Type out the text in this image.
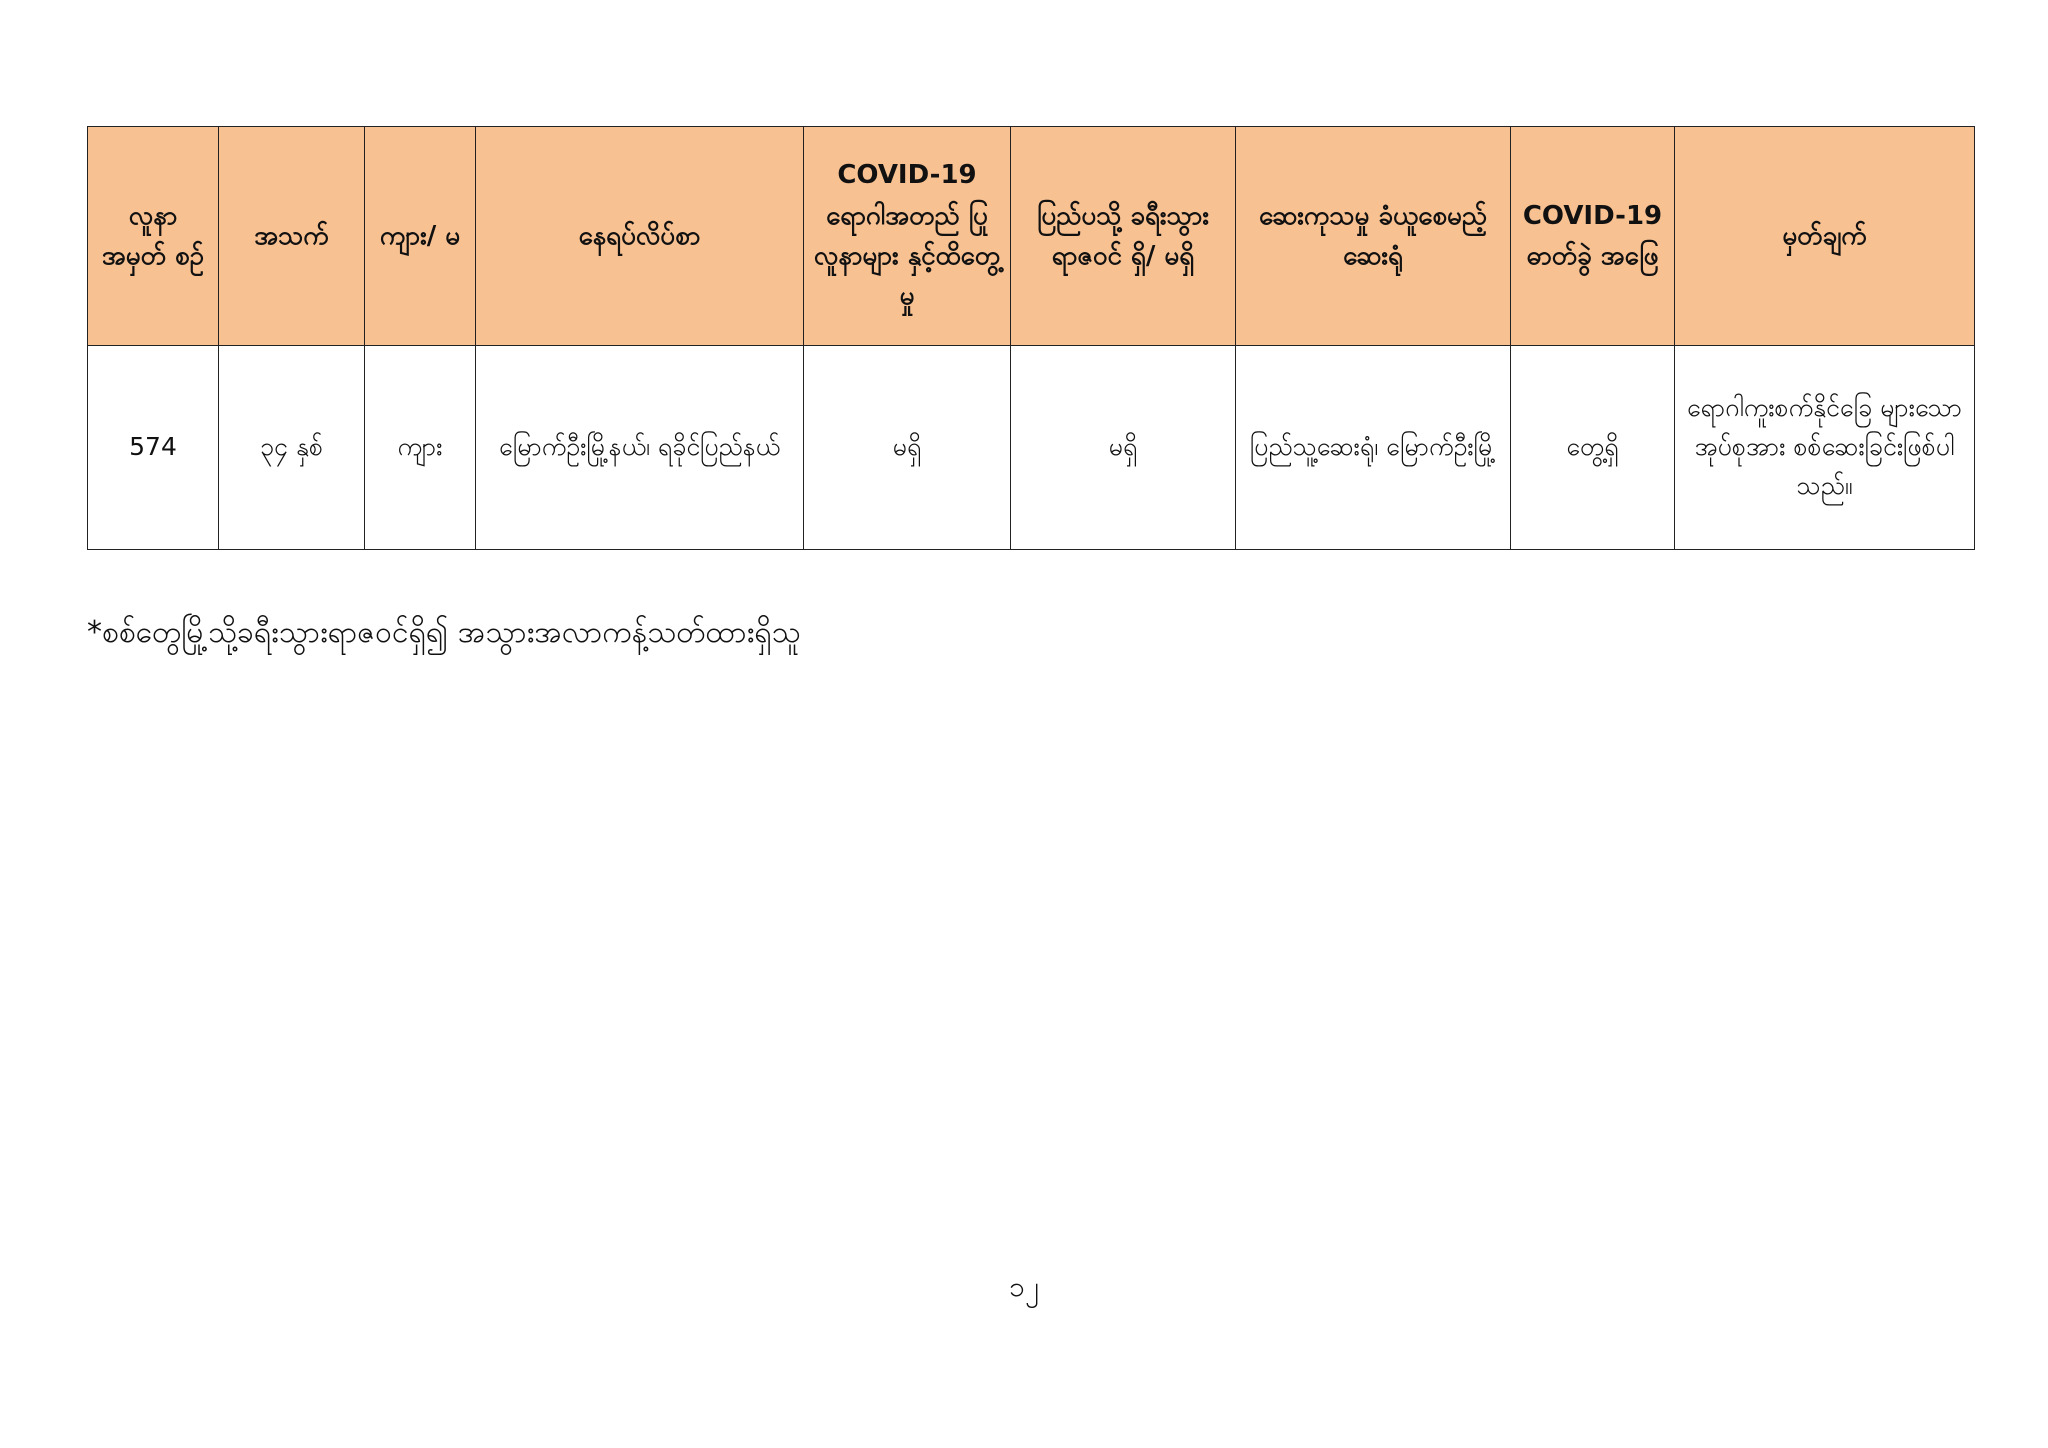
လူနာ အမှတ် စဉ်	အသက်	ကျား/ မ	နေရပ်လိပ်စာ	COVID-19 ရောဂါအတည် ပြု လူနာများ နှင့်ထိတွေ့မှု	ပြည်ပသို့ ခရီးသွား ရာဇဝင် ရှိ/ မရှိ	ဆေးကုသမှု ခံယူစေမည့် ဆေးရုံ	COVID-19 ဓာတ်ခွဲ အဖြေ	မှတ်ချက်
574	၃၄ နှစ်	ကျား	မြောက်ဦးမြို့နယ်၊ ရခိုင်ပြည်နယ်	မရှိ	မရှိ	ပြည်သူ့ဆေးရုံ၊ မြောက်ဦးမြို့	တွေ့ရှိ	ရောဂါကူးစက်နိုင်ခြေ များသော အုပ်စုအား စစ်ဆေးခြင်းဖြစ်ပါ သည်။
*စစ်တွေမြို့သို့ခရီးသွားရာဇဝင်ရှိ၍ အသွားအလာကန့်သတ်ထားရှိသူ
၁၂
